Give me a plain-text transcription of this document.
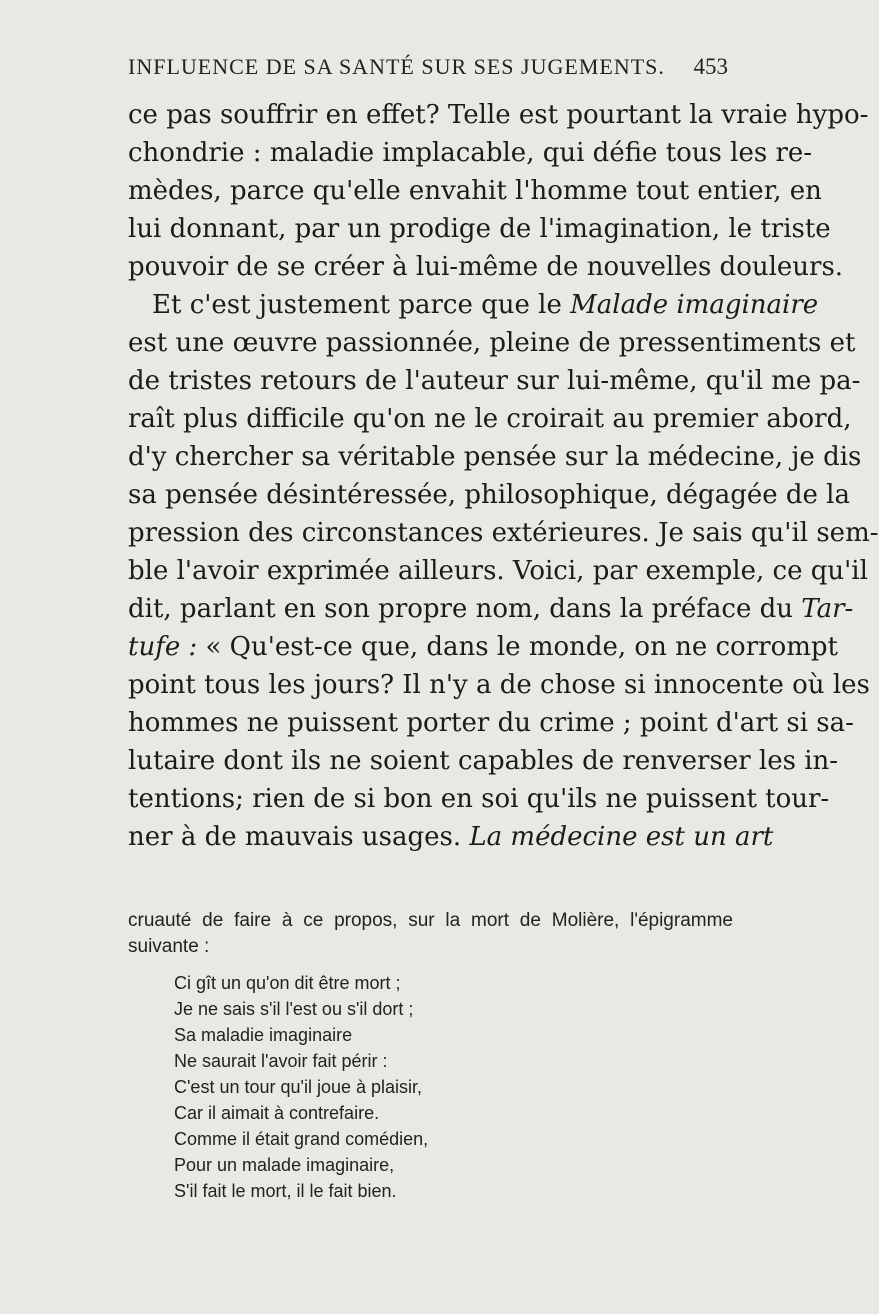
INFLUENCE DE SA SANTÉ SUR SES JUGEMENTS. 453
ce pas souffrir en effet? Telle est pourtant la vraie hypo-
chondrie : maladie implacable, qui défie tous les re-
mèdes, parce qu'elle envahit l'homme tout entier, en
lui donnant, par un prodige de l'imagination, le triste
pouvoir de se créer à lui-même de nouvelles douleurs.
Et c'est justement parce que le Malade imaginaire
est une œuvre passionnée, pleine de pressentiments et
de tristes retours de l'auteur sur lui-même, qu'il me pa-
raît plus difficile qu'on ne le croirait au premier abord,
d'y chercher sa véritable pensée sur la médecine, je dis
sa pensée désintéressée, philosophique, dégagée de la
pression des circonstances extérieures. Je sais qu'il sem-
ble l'avoir exprimée ailleurs. Voici, par exemple, ce qu'il
dit, parlant en son propre nom, dans la préface du Tar-
tufe : « Qu'est-ce que, dans le monde, on ne corrompt
point tous les jours? Il n'y a de chose si innocente où les
hommes ne puissent porter du crime ; point d'art si sa-
lutaire dont ils ne soient capables de renverser les in-
tentions; rien de si bon en soi qu'ils ne puissent tour-
ner à de mauvais usages. La médecine est un art
cruauté de faire à ce propos, sur la mort de Molière, l'épigramme
suivante :
Ci gît un qu'on dit être mort ;
Je ne sais s'il l'est ou s'il dort ;
Sa maladie imaginaire
Ne saurait l'avoir fait périr :
C'est un tour qu'il joue à plaisir,
Car il aimait à contrefaire.
Comme il était grand comédien,
Pour un malade imaginaire,
S'il fait le mort, il le fait bien.
